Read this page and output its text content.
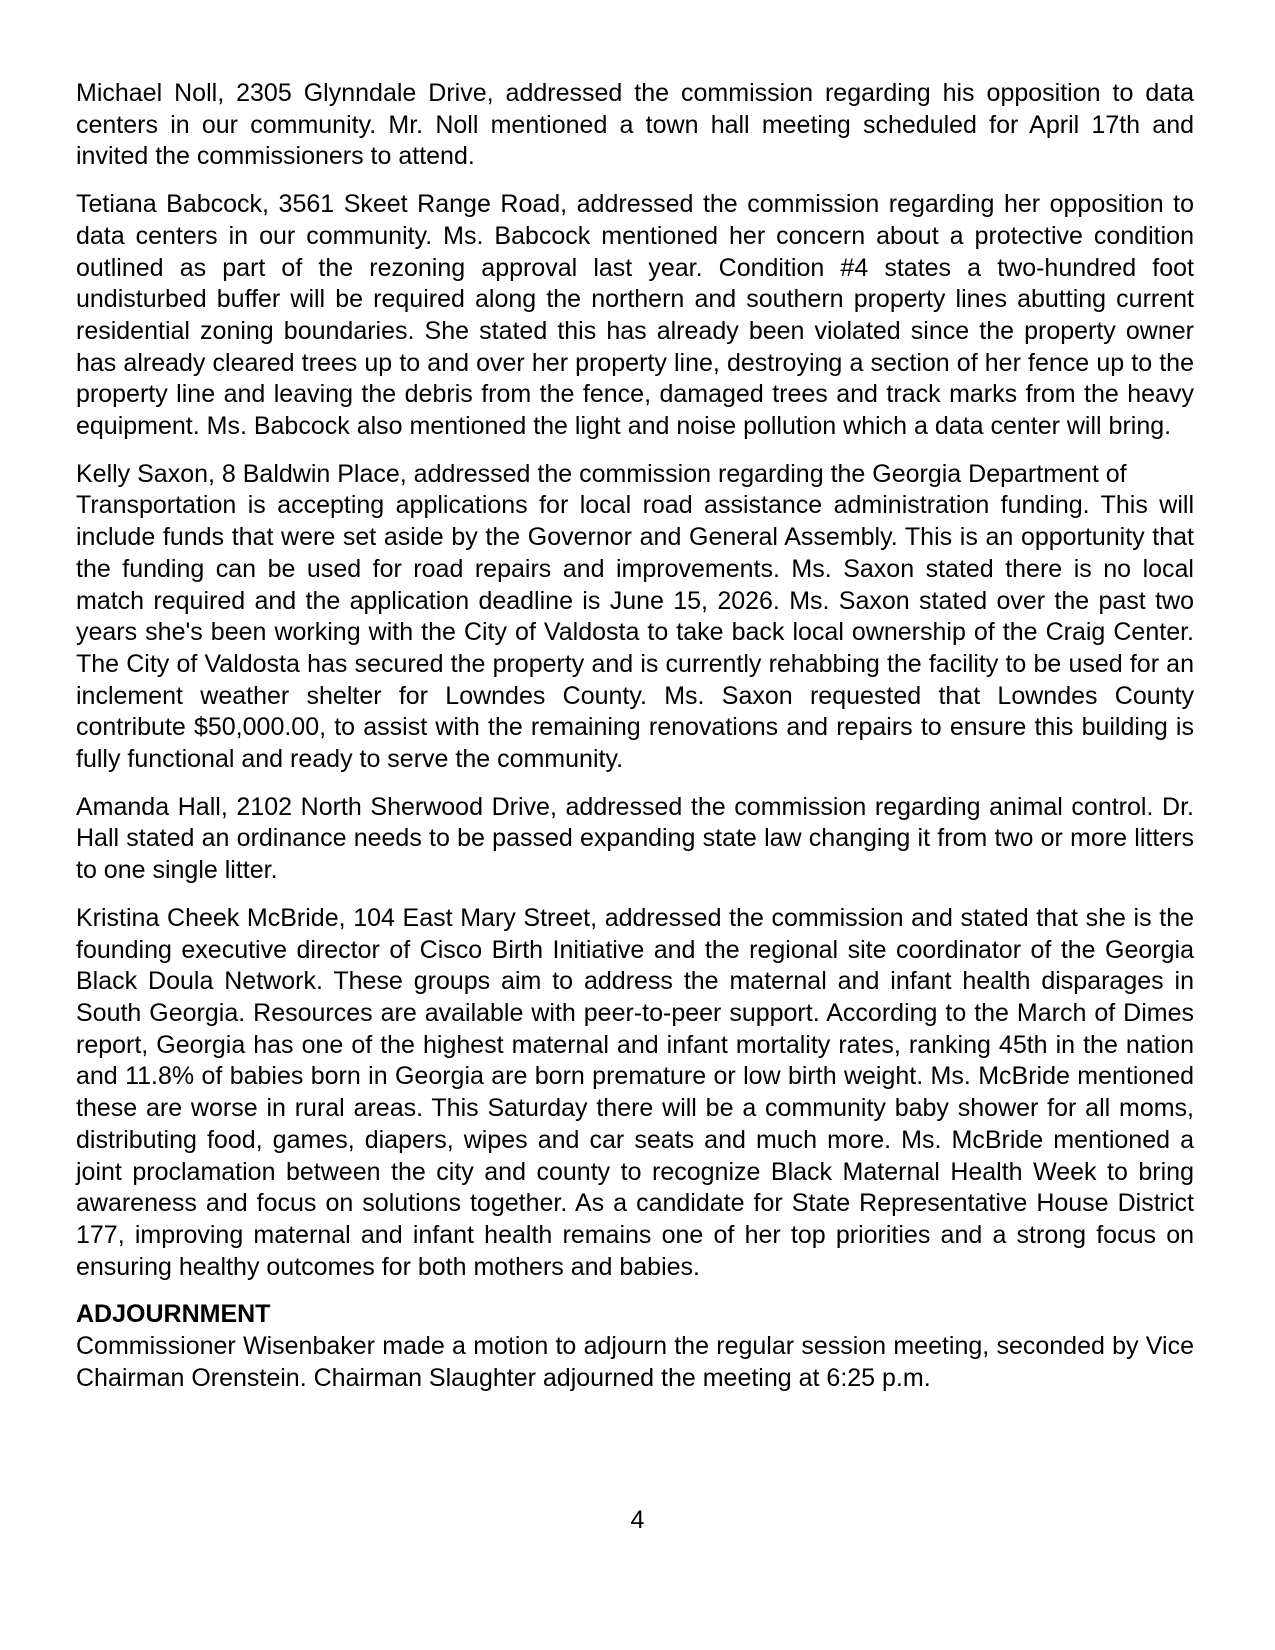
Michael Noll, 2305 Glynndale Drive, addressed the commission regarding his opposition to data centers in our community. Mr. Noll mentioned a town hall meeting scheduled for April 17th and invited the commissioners to attend.

Tetiana Babcock, 3561 Skeet Range Road, addressed the commission regarding her opposition to data centers in our community. Ms. Babcock mentioned her concern about a protective condition outlined as part of the rezoning approval last year. Condition #4 states a two-hundred foot undisturbed buffer will be required along the northern and southern property lines abutting current residential zoning boundaries. She stated this has already been violated since the property owner has already cleared trees up to and over her property line, destroying a section of her fence up to the property line and leaving the debris from the fence, damaged trees and track marks from the heavy equipment. Ms. Babcock also mentioned the light and noise pollution which a data center will bring.

Kelly Saxon, 8 Baldwin Place, addressed the commission regarding the Georgia Department of
Transportation is accepting applications for local road assistance administration funding. This will include funds that were set aside by the Governor and General Assembly. This is an opportunity that the funding can be used for road repairs and improvements. Ms. Saxon stated there is no local match required and the application deadline is June 15, 2026. Ms. Saxon stated over the past two years she's been working with the City of Valdosta to take back local ownership of the Craig Center. The City of Valdosta has secured the property and is currently rehabbing the facility to be used for an inclement weather shelter for Lowndes County. Ms. Saxon requested that Lowndes County contribute $50,000.00, to assist with the remaining renovations and repairs to ensure this building is fully functional and ready to serve the community.

Amanda Hall, 2102 North Sherwood Drive, addressed the commission regarding animal control. Dr. Hall stated an ordinance needs to be passed expanding state law changing it from two or more litters to one single litter.

Kristina Cheek McBride, 104 East Mary Street, addressed the commission and stated that she is the founding executive director of Cisco Birth Initiative and the regional site coordinator of the Georgia Black Doula Network. These groups aim to address the maternal and infant health disparages in South Georgia. Resources are available with peer-to-peer support. According to the March of Dimes report, Georgia has one of the highest maternal and infant mortality rates, ranking 45th in the nation and 11.8% of babies born in Georgia are born premature or low birth weight. Ms. McBride mentioned these are worse in rural areas. This Saturday there will be a community baby shower for all moms, distributing food, games, diapers, wipes and car seats and much more. Ms. McBride mentioned a joint proclamation between the city and county to recognize Black Maternal Health Week to bring awareness and focus on solutions together. As a candidate for State Representative House District 177, improving maternal and infant health remains one of her top priorities and a strong focus on ensuring healthy outcomes for both mothers and babies.

ADJOURNMENT

Commissioner Wisenbaker made a motion to adjourn the regular session meeting, seconded by Vice Chairman Orenstein. Chairman Slaughter adjourned the meeting at 6:25 p.m.

4
